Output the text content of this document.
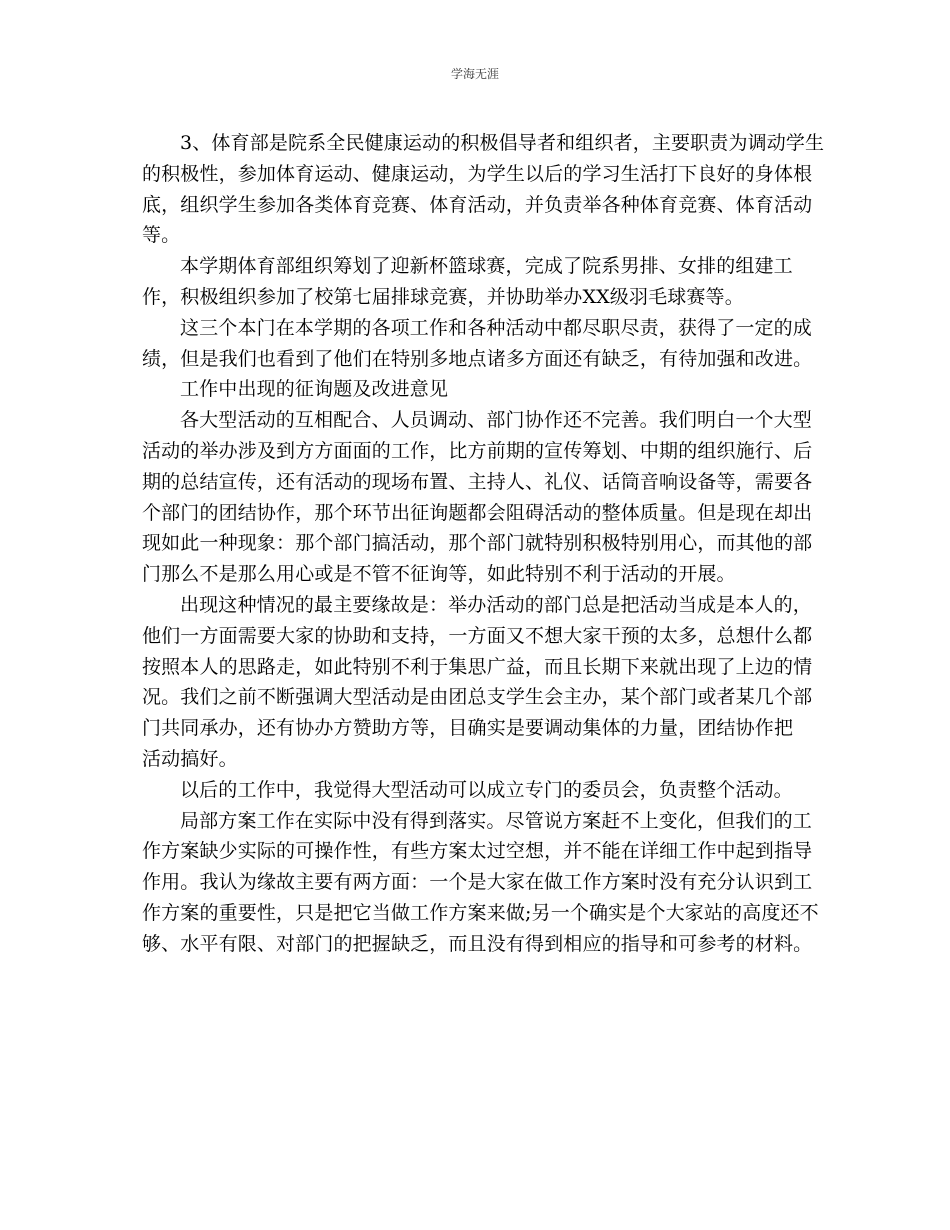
学海无涯
3、体育部是院系全民健康运动的积极倡导者和组织者，主要职责为调动学生
的积极性，参加体育运动、健康运动，为学生以后的学习生活打下良好的身体根
底，组织学生参加各类体育竞赛、体育活动，并负责举各种体育竞赛、体育活动
等。
本学期体育部组织筹划了迎新杯篮球赛，完成了院系男排、女排的组建工
作，积极组织参加了校第七届排球竞赛，并协助举办XX级羽毛球赛等。
这三个本门在本学期的各项工作和各种活动中都尽职尽责，获得了一定的成
绩，但是我们也看到了他们在特别多地点诸多方面还有缺乏，有待加强和改进。
工作中出现的征询题及改进意见
各大型活动的互相配合、人员调动、部门协作还不完善。我们明白一个大型
活动的举办涉及到方方面面的工作，比方前期的宣传筹划、中期的组织施行、后
期的总结宣传，还有活动的现场布置、主持人、礼仪、话筒音响设备等，需要各
个部门的团结协作，那个环节出征询题都会阻碍活动的整体质量。但是现在却出
现如此一种现象：那个部门搞活动，那个部门就特别积极特别用心，而其他的部
门那么不是那么用心或是不管不征询等，如此特别不利于活动的开展。
出现这种情况的最主要缘故是：举办活动的部门总是把活动当成是本人的，
他们一方面需要大家的协助和支持，一方面又不想大家干预的太多，总想什么都
按照本人的思路走，如此特别不利于集思广益，而且长期下来就出现了上边的情
况。我们之前不断强调大型活动是由团总支学生会主办，某个部门或者某几个部
门共同承办，还有协办方赞助方等，目确实是要调动集体的力量，团结协作把
活动搞好。
以后的工作中，我觉得大型活动可以成立专门的委员会，负责整个活动。
局部方案工作在实际中没有得到落实。尽管说方案赶不上变化，但我们的工
作方案缺少实际的可操作性，有些方案太过空想，并不能在详细工作中起到指导
作用。我认为缘故主要有两方面：一个是大家在做工作方案时没有充分认识到工
作方案的重要性，只是把它当做工作方案来做;另一个确实是个大家站的高度还不
够、水平有限、对部门的把握缺乏，而且没有得到相应的指导和可参考的材料。
